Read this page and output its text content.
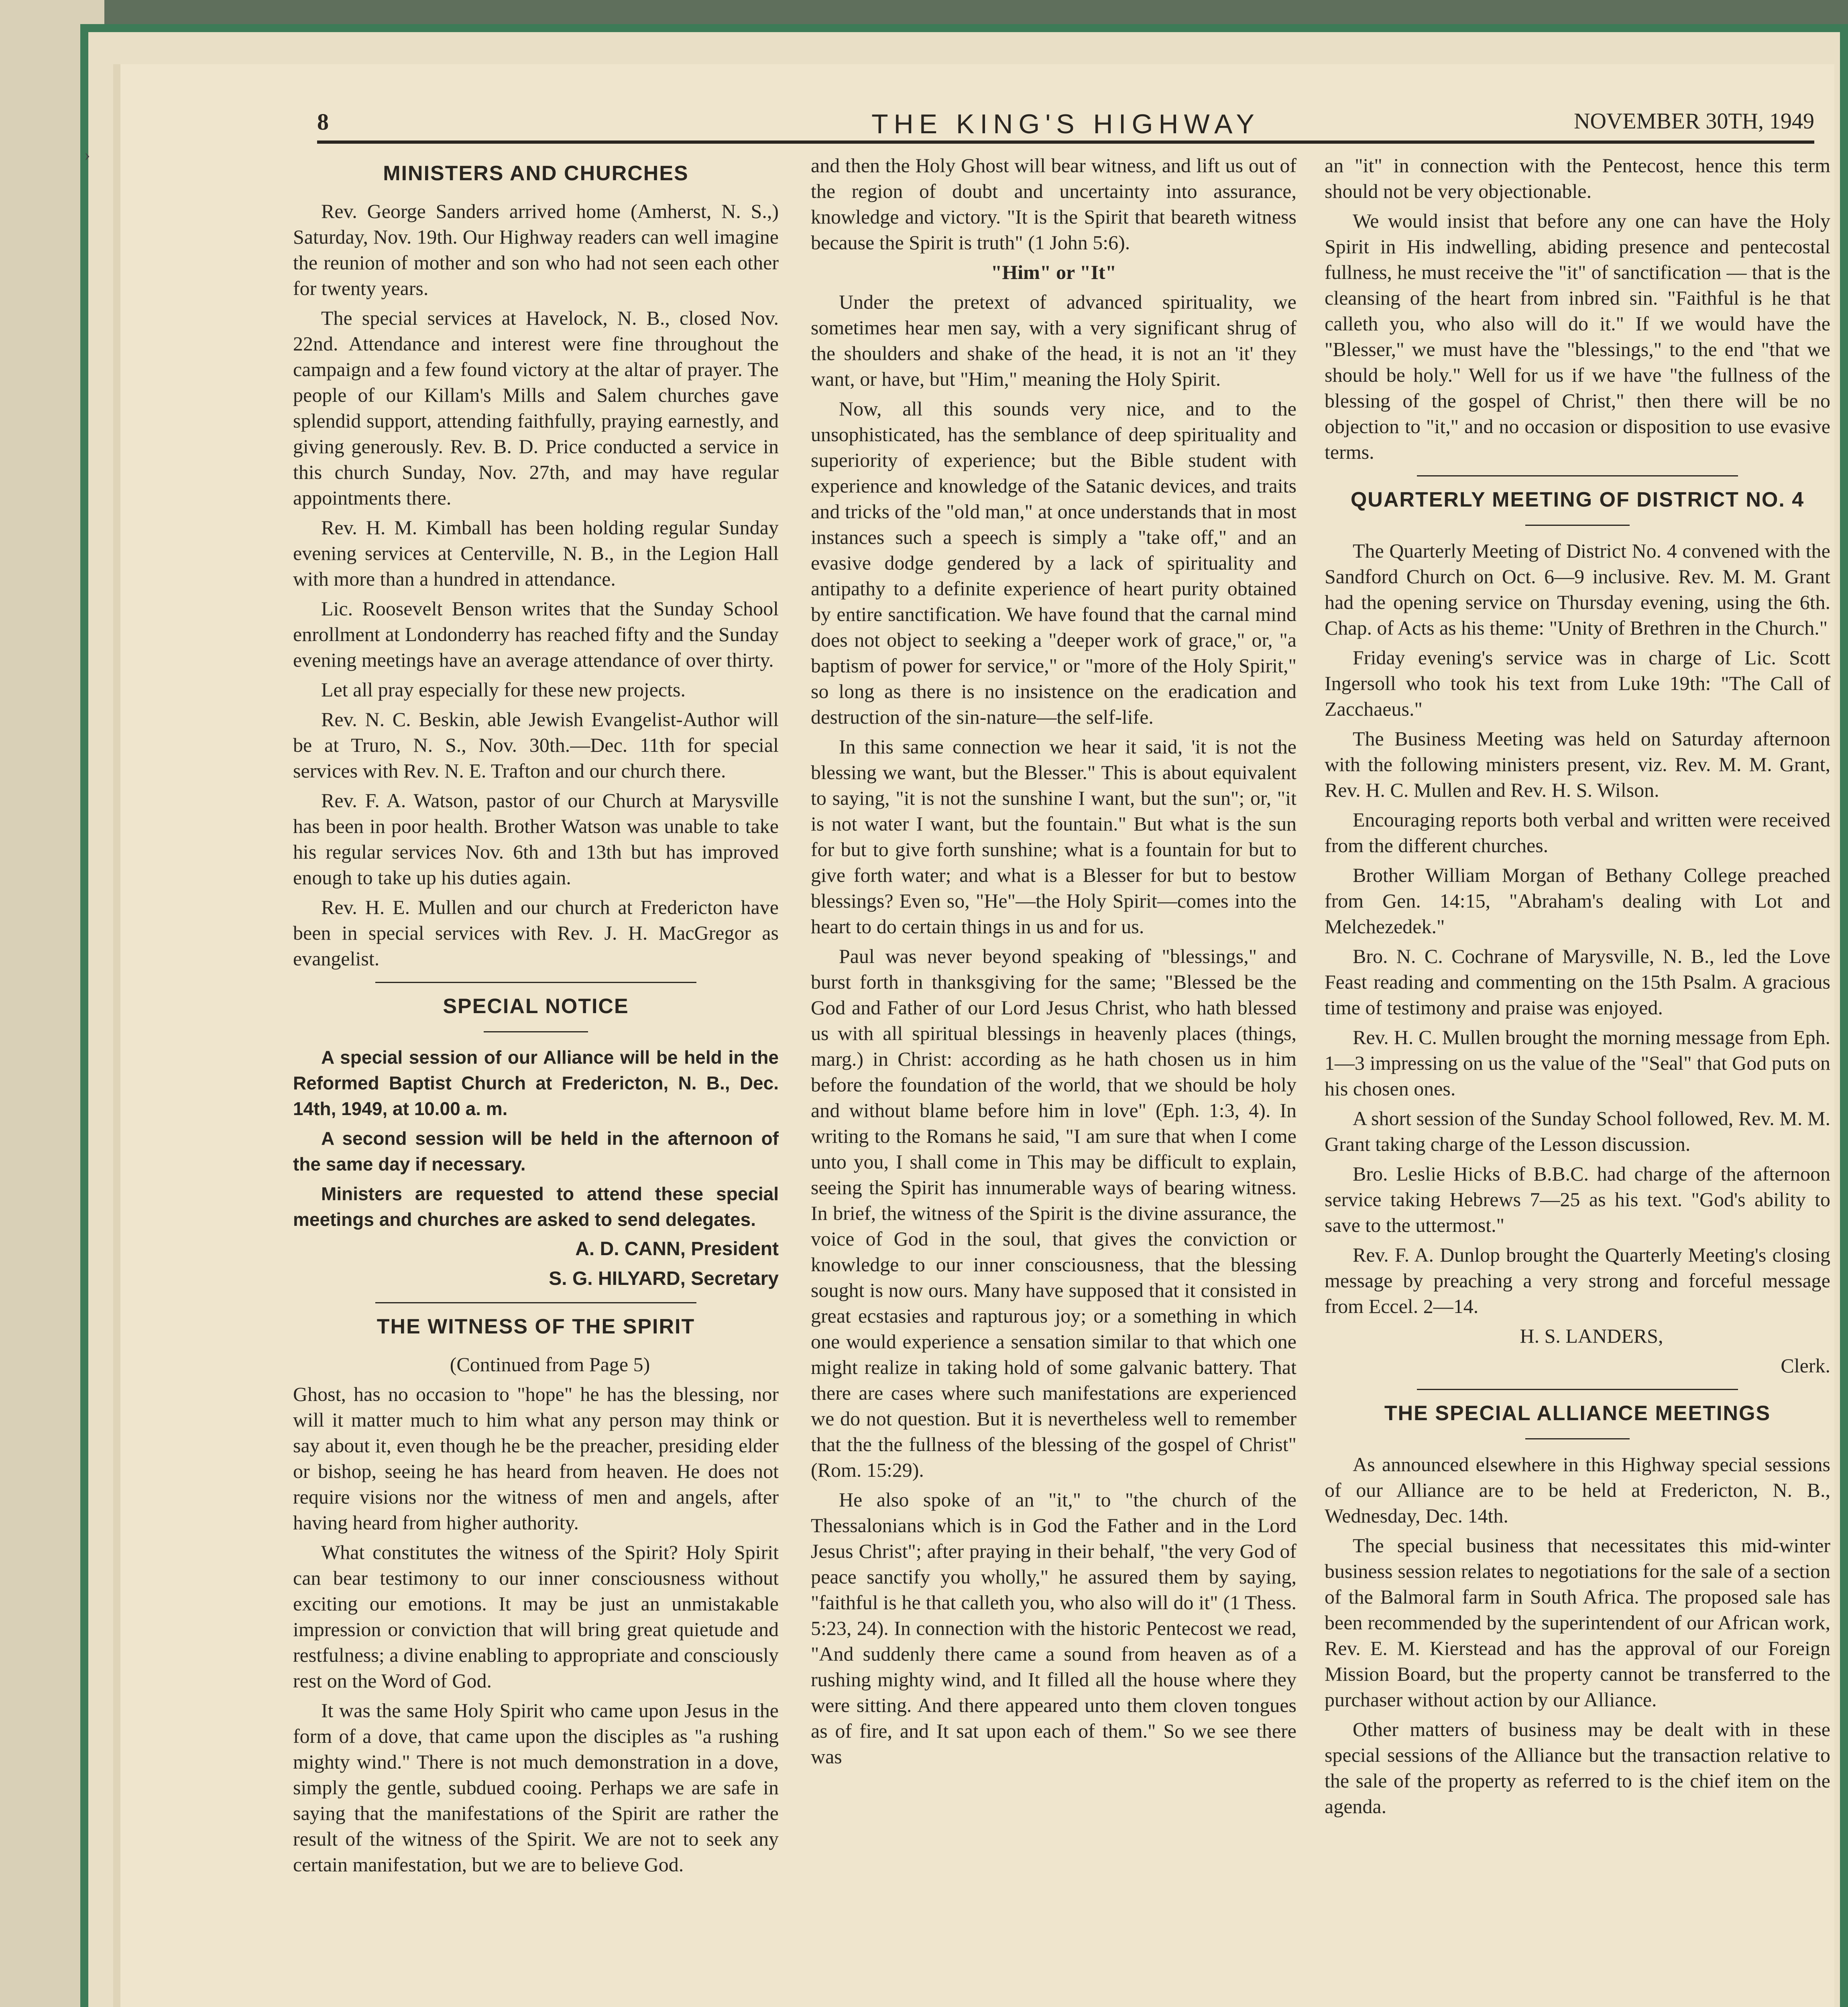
›
8	THE KING'S HIGHWAY	NOVEMBER 30TH, 1949
MINISTERS AND CHURCHES

Rev. George Sanders arrived home (Amherst, N. S.,) Saturday, Nov. 19th. Our Highway readers can well imagine the reunion of mother and son who had not seen each other for twenty years.

The special services at Havelock, N. B., closed Nov. 22nd. Attendance and interest were fine throughout the campaign and a few found victory at the altar of prayer. The people of our Killam's Mills and Salem churches gave splendid support, attending faithfully, praying earnestly, and giving generously. Rev. B. D. Price conducted a service in this church Sunday, Nov. 27th, and may have regular appointments there.

Rev. H. M. Kimball has been holding regular Sunday evening services at Centerville, N. B., in the Legion Hall with more than a hundred in attendance.

Lic. Roosevelt Benson writes that the Sunday School enrollment at Londonderry has reached fifty and the Sunday evening meetings have an average attendance of over thirty.

Let all pray especially for these new projects.

Rev. N. C. Beskin, able Jewish Evangelist-Author will be at Truro, N. S., Nov. 30th.—Dec. 11th for special services with Rev. N. E. Trafton and our church there.

Rev. F. A. Watson, pastor of our Church at Marysville has been in poor health. Brother Watson was unable to take his regular services Nov. 6th and 13th but has improved enough to take up his duties again.

Rev. H. E. Mullen and our church at Fredericton have been in special services with Rev. J. H. MacGregor as evangelist.

SPECIAL NOTICE

A special session of our Alliance will be held in the Reformed Baptist Church at Fredericton, N. B., Dec. 14th, 1949, at 10.00 a. m.

A second session will be held in the afternoon of the same day if necessary.

Ministers are requested to attend these special meetings and churches are asked to send delegates.

A. D. CANN, President

S. G. HILYARD, Secretary

THE WITNESS OF THE SPIRIT

(Continued from Page 5)

Ghost, has no occasion to "hope" he has the blessing, nor will it matter much to him what any person may think or say about it, even though he be the preacher, presiding elder or bishop, seeing he has heard from heaven. He does not require visions nor the witness of men and angels, after having heard from higher authority.

What constitutes the witness of the Spirit? Holy Spirit can bear testimony to our inner consciousness without exciting our emotions. It may be just an unmistakable impression or conviction that will bring great quietude and restfulness; a divine enabling to appropriate and consciously rest on the Word of God.

It was the same Holy Spirit who came upon Jesus in the form of a dove, that came upon the disciples as "a rushing mighty wind." There is not much demonstration in a dove, simply the gentle, subdued cooing. Perhaps we are safe in saying that the manifestations of the Spirit are rather the result of the witness of the Spirit. We are not to seek any certain manifestation, but we are to believe God.

and then the Holy Ghost will bear witness, and lift us out of the region of doubt and uncertainty into assurance, knowledge and victory. "It is the Spirit that beareth witness because the Spirit is truth" (1 John 5:6).

"Him" or "It"

Under the pretext of advanced spirituality, we sometimes hear men say, with a very significant shrug of the shoulders and shake of the head, it is not an 'it' they want, or have, but "Him," meaning the Holy Spirit.

Now, all this sounds very nice, and to the unsophisticated, has the semblance of deep spirituality and superiority of experience; but the Bible student with experience and knowledge of the Satanic devices, and traits and tricks of the "old man," at once understands that in most instances such a speech is simply a "take off," and an evasive dodge gendered by a lack of spirituality and antipathy to a definite experience of heart purity obtained by entire sanctification. We have found that the carnal mind does not object to seeking a "deeper work of grace," or, "a baptism of power for service," or "more of the Holy Spirit," so long as there is no insistence on the eradication and destruction of the sin-nature—the self-life.

In this same connection we hear it said, 'it is not the blessing we want, but the Blesser." This is about equivalent to saying, "it is not the sunshine I want, but the sun"; or, "it is not water I want, but the fountain." But what is the sun for but to give forth sunshine; what is a fountain for but to give forth water; and what is a Blesser for but to bestow blessings? Even so, "He"—the Holy Spirit—comes into the heart to do certain things in us and for us.

Paul was never beyond speaking of "blessings," and burst forth in thanksgiving for the same; "Blessed be the God and Father of our Lord Jesus Christ, who hath blessed us with all spiritual blessings in heavenly places (things, marg.) in Christ: according as he hath chosen us in him before the foundation of the world, that we should be holy and without blame before him in love" (Eph. 1:3, 4). In writing to the Romans he said, "I am sure that when I come unto you, I shall come in This may be difficult to explain, seeing the Spirit has innumerable ways of bearing witness. In brief, the witness of the Spirit is the divine assurance, the voice of God in the soul, that gives the conviction or knowledge to our inner consciousness, that the blessing sought is now ours. Many have supposed that it consisted in great ecstasies and rapturous joy; or a something in which one would experience a sensation similar to that which one might realize in taking hold of some galvanic battery. That there are cases where such manifestations are experienced we do not question. But it is nevertheless well to remember that the the fullness of the blessing of the gospel of Christ" (Rom. 15:29).

He also spoke of an "it," to "the church of the Thessalonians which is in God the Father and in the Lord Jesus Christ"; after praying in their behalf, "the very God of peace sanctify you wholly," he assured them by saying, "faithful is he that calleth you, who also will do it" (1 Thess. 5:23, 24). In connection with the historic Pentecost we read, "And suddenly there came a sound from heaven as of a rushing mighty wind, and It filled all the house where they were sitting. And there appeared unto them cloven tongues as of fire, and It sat upon each of them." So we see there was

an "it" in connection with the Pentecost, hence this term should not be very objectionable.

We would insist that before any one can have the Holy Spirit in His indwelling, abiding presence and pentecostal fullness, he must receive the "it" of sanctification — that is the cleansing of the heart from inbred sin. "Faithful is he that calleth you, who also will do it." If we would have the "Blesser," we must have the "blessings," to the end "that we should be holy." Well for us if we have "the fullness of the blessing of the gospel of Christ," then there will be no objection to "it," and no occasion or disposition to use evasive terms.

QUARTERLY MEETING OF DISTRICT NO. 4

The Quarterly Meeting of District No. 4 convened with the Sandford Church on Oct. 6—9 inclusive. Rev. M. M. Grant had the opening service on Thursday evening, using the 6th. Chap. of Acts as his theme: "Unity of Brethren in the Church."

Friday evening's service was in charge of Lic. Scott Ingersoll who took his text from Luke 19th: "The Call of Zacchaeus."

The Business Meeting was held on Saturday afternoon with the following ministers present, viz. Rev. M. M. Grant, Rev. H. C. Mullen and Rev. H. S. Wilson.

Encouraging reports both verbal and written were received from the different churches.

Brother William Morgan of Bethany College preached from Gen. 14:15, "Abraham's dealing with Lot and Melchezedek."

Bro. N. C. Cochrane of Marysville, N. B., led the Love Feast reading and commenting on the 15th Psalm. A gracious time of testimony and praise was enjoyed.

Rev. H. C. Mullen brought the morning message from Eph. 1—3 impressing on us the value of the "Seal" that God puts on his chosen ones.

A short session of the Sunday School followed, Rev. M. M. Grant taking charge of the Lesson discussion.

Bro. Leslie Hicks of B.B.C. had charge of the afternoon service taking Hebrews 7—25 as his text. "God's ability to save to the uttermost."

Rev. F. A. Dunlop brought the Quarterly Meeting's closing message by preaching a very strong and forceful message from Eccel. 2—14.

H. S. LANDERS,

Clerk.

THE SPECIAL ALLIANCE MEETINGS

As announced elsewhere in this Highway special sessions of our Alliance are to be held at Fredericton, N. B., Wednesday, Dec. 14th.

The special business that necessitates this mid-winter business session relates to negotiations for the sale of a section of the Balmoral farm in South Africa. The proposed sale has been recommended by the superintendent of our African work, Rev. E. M. Kierstead and has the approval of our Foreign Mission Board, but the property cannot be transferred to the purchaser without action by our Alliance.

Other matters of business may be dealt with in these special sessions of the Alliance but the transaction relative to the sale of the property as referred to is the chief item on the agenda.
